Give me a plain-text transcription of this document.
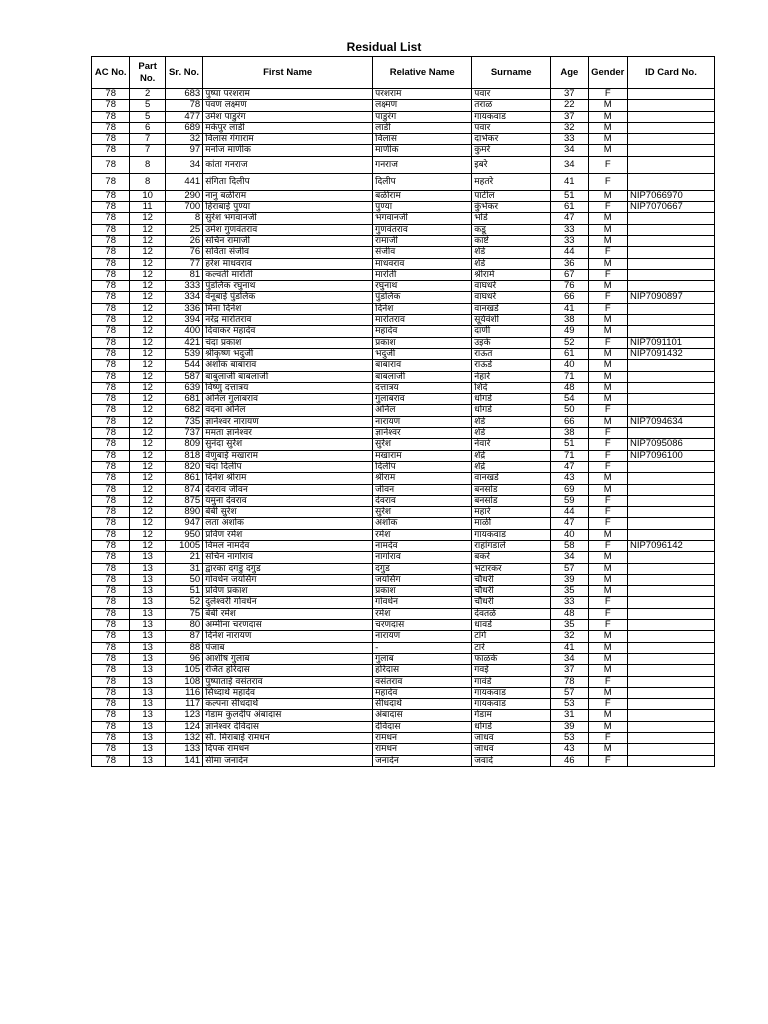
Residual List
AC No.	Part No.	Sr. No.	First Name	Relative Name	Surname	Age	Gender	ID Card No.
78	2	683	पुष्पा परशराम	परशराम	पवार	37	F	
78	5	78	पवण लक्ष्मण	लक्ष्मण	तराळ	22	M	
78	5	477	उमेश पाडुरंग	पाडुरंग	गायकवाड	37	M	
78	6	689	मकेपुर लाडी	लाडी	पवार	32	M	
78	7	32	विलास गंगाराम	विलास	दाभेकर	33	M	
78	7	97	मनोज माणीक	माणीक	कुमरे	34	M	
78	8	34	कांता गनराज	गनराज	इबरे	34	F	
78	8	441	संगिता दिलीप	दिलीप	महतरे	41	F	
78	10	290	नानु बळीराम	बळीराम	पाटील	51	M	NIP7066970
78	11	700	हिराबाई पुण्या	पुण्या	कुंभेकर	61	F	NIP7070667
78	12	8	सुरेश भगवानजी	भगवानजी	भोंडे	47	M	
78	12	25	उमेश गुणवंतराव	गुणवंतराव	कडू	33	M	
78	12	26	सचिन रामाजी	रामाजी	काष्टे	33	M	
78	12	76	सविता संजीव	संजीव	शेंडे	44	F	
78	12	77	हरेश माधवराव	माधवराव	शेंडे	36	M	
78	12	81	कल्वती मारोती	मारोती	श्रीरामे	67	F	
78	12	333	पुंडलिक रघुनाथ	रघुनाथ	वाघधरे	76	M	
78	12	334	वेनूबाई पुंडलिक	पुंडलिक	वाघधरे	66	F	NIP7090897
78	12	336	मिना दिनेश	दिनेश	वानखडे	41	F	
78	12	394	नरेंद्र मारोतराव	मारोतराव	सूर्यवंशी	38	M	
78	12	400	दिवाकर महादेव	महादेव	दाणी	49	M	
78	12	421	चंदा प्रकाश	प्रकाश	उइके	52	F	NIP7091101
78	12	539	श्रीकृष्ण भदुजी	भदुजी	राऊत	61	M	NIP7091432
78	12	544	अशोक बाबाराव	बाबाराव	राऊडे	40	M	
78	12	587	बाबुलाजी बाबलाजी	बाबलाजी	नेहारे	71	M	
78	12	639	विष्णु दत्तात्रय	दत्तात्रय	शिंदे	48	M	
78	12	681	अनिल गुलाबराव	गुलाबराव	धोंगडे	54	M	
78	12	682	वदना अनिल	अनिल	धोंगडे	50	F	
78	12	735	ज्ञानेश्वर नारायण	नारायण	शेंडे	66	M	NIP7094634
78	12	737	ममता ज्ञानेश्वर	ज्ञानेश्वर	शेंडे	38	F	
78	12	809	सुनंदा सुरेश	सुरेश	नेवारे	51	F	NIP7095086
78	12	818	वेणुबाई मखाराम	मखाराम	शेंद्रे	71	F	NIP7096100
78	12	820	चंदा दिलीप	दिलीप	शेंद्रे	47	F	
78	12	861	दिनेश श्रीराम	श्रीराम	वानखडे	43	M	
78	12	874	देवराव जीवन	जीवन	बनसोड	69	M	
78	12	875	यमुना देवराव	देवराव	बनसोड	59	F	
78	12	890	बेबी सुरेश	सुरेश	महारे	44	F	
78	12	947	लता अशोक	अशोक	माळी	47	F	
78	12	950	प्रविण रमेश	रमेश	गायकवाड	40	M	
78	12	1005	विमल नामदेव	नामदेव	राहांगडाले	58	F	NIP7096142
78	13	21	सचिन नागोराव	नागोराव	बकरे	34	M	
78	13	31	द्वारका दगडु दगुड	दगुड	भटारकर	57	M	
78	13	50	गोवर्धन जयसिंग	जयसिंग	चौधरी	39	M	
78	13	51	प्रविण प्रकाश	प्रकाश	चौधरी	35	M	
78	13	52	दुलेश्वरी गोवर्धन	गोवर्धन	चौधरी	33	F	
78	13	75	बेबी रमेश	रमेश	देवतळे	48	F	
78	13	80	अम्मीना चरणदास	चरणदास	धावडे	35	F	
78	13	87	दिनेश नारायण	नारायण	टांगे	32	M	
78	13	88	पंजाब	-	टारे	41	M	
78	13	96	आशीष गुलाब	गुलाब	फाळके	34	M	
78	13	105	रंजित हरिदास	हरिदास	गवई	37	M	
78	13	108	पुष्पाताई वसंतराव	वसंतराव	गावंडे	78	F	
78	13	116	सिध्दार्थ महादेव	महादेव	गायकवाड	57	M	
78	13	117	कल्पना सीधदार्थ	सीधदार्थ	गायकवाड	53	F	
78	13	123	गेडाम कुलदीप अंबादास	अंबादास	गेडाम	31	M	
78	13	124	ज्ञानेश्वर देविदास	देविदास	धोंगडे	39	M	
78	13	132	सौ. मिराबाई रामधन	रामधन	जाधव	53	F	
78	13	133	दिपक रामधन	रामधन	जाधव	43	M	
78	13	141	सीमा जनार्दन	जनार्दन	जवादे	46	F	
